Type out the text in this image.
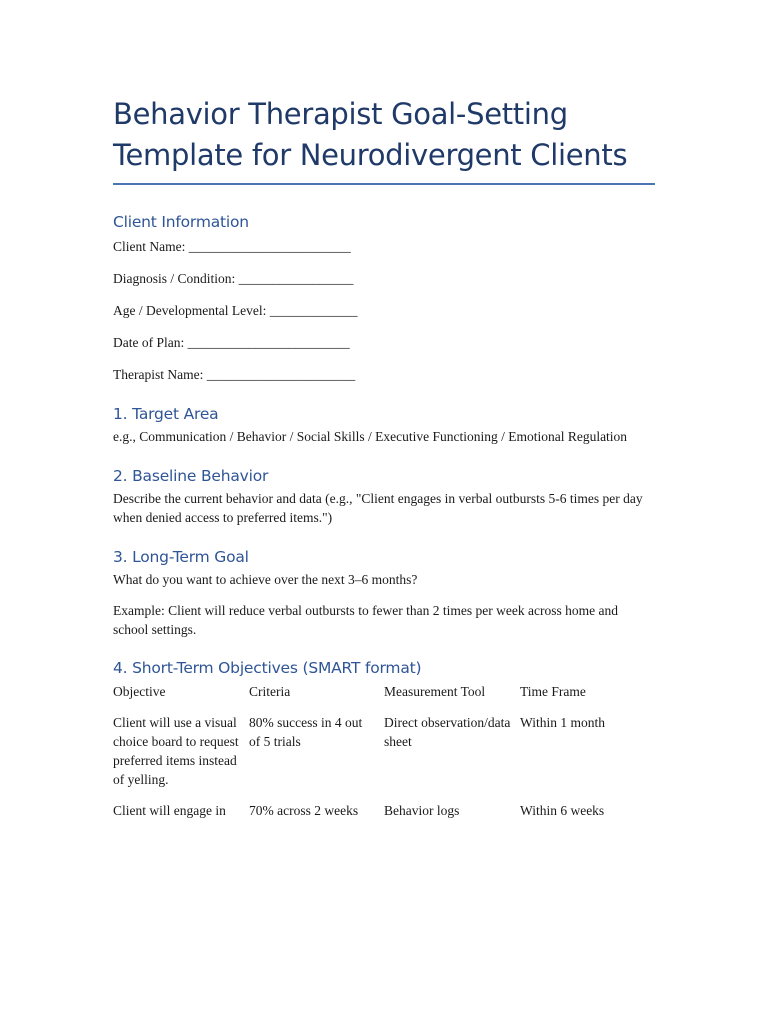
Behavior Therapist Goal-Setting
Template for Neurodivergent Clients
Client Information

Client Name: ________________________

Diagnosis / Condition: _________________

Age / Developmental Level: _____________

Date of Plan: ________________________

Therapist Name: ______________________

1. Target Area

e.g., Communication / Behavior / Social Skills / Executive Functioning / Emotional Regulation

2. Baseline Behavior

Describe the current behavior and data (e.g., "Client engages in verbal outbursts 5-6 times per day when denied access to preferred items.")

3. Long-Term Goal

What do you want to achieve over the next 3–6 months?

Example: Client will reduce verbal outbursts to fewer than 2 times per week across home and school settings.

4. Short-Term Objectives (SMART format)
Objective	Criteria	Measurement Tool	Time Frame
Client will use a visual choice board to request preferred items instead of yelling.	80% success in 4 out of 5 trials	Direct observation/data sheet	Within 1 month
Client will engage in	70% across 2 weeks	Behavior logs	Within 6 weeks
